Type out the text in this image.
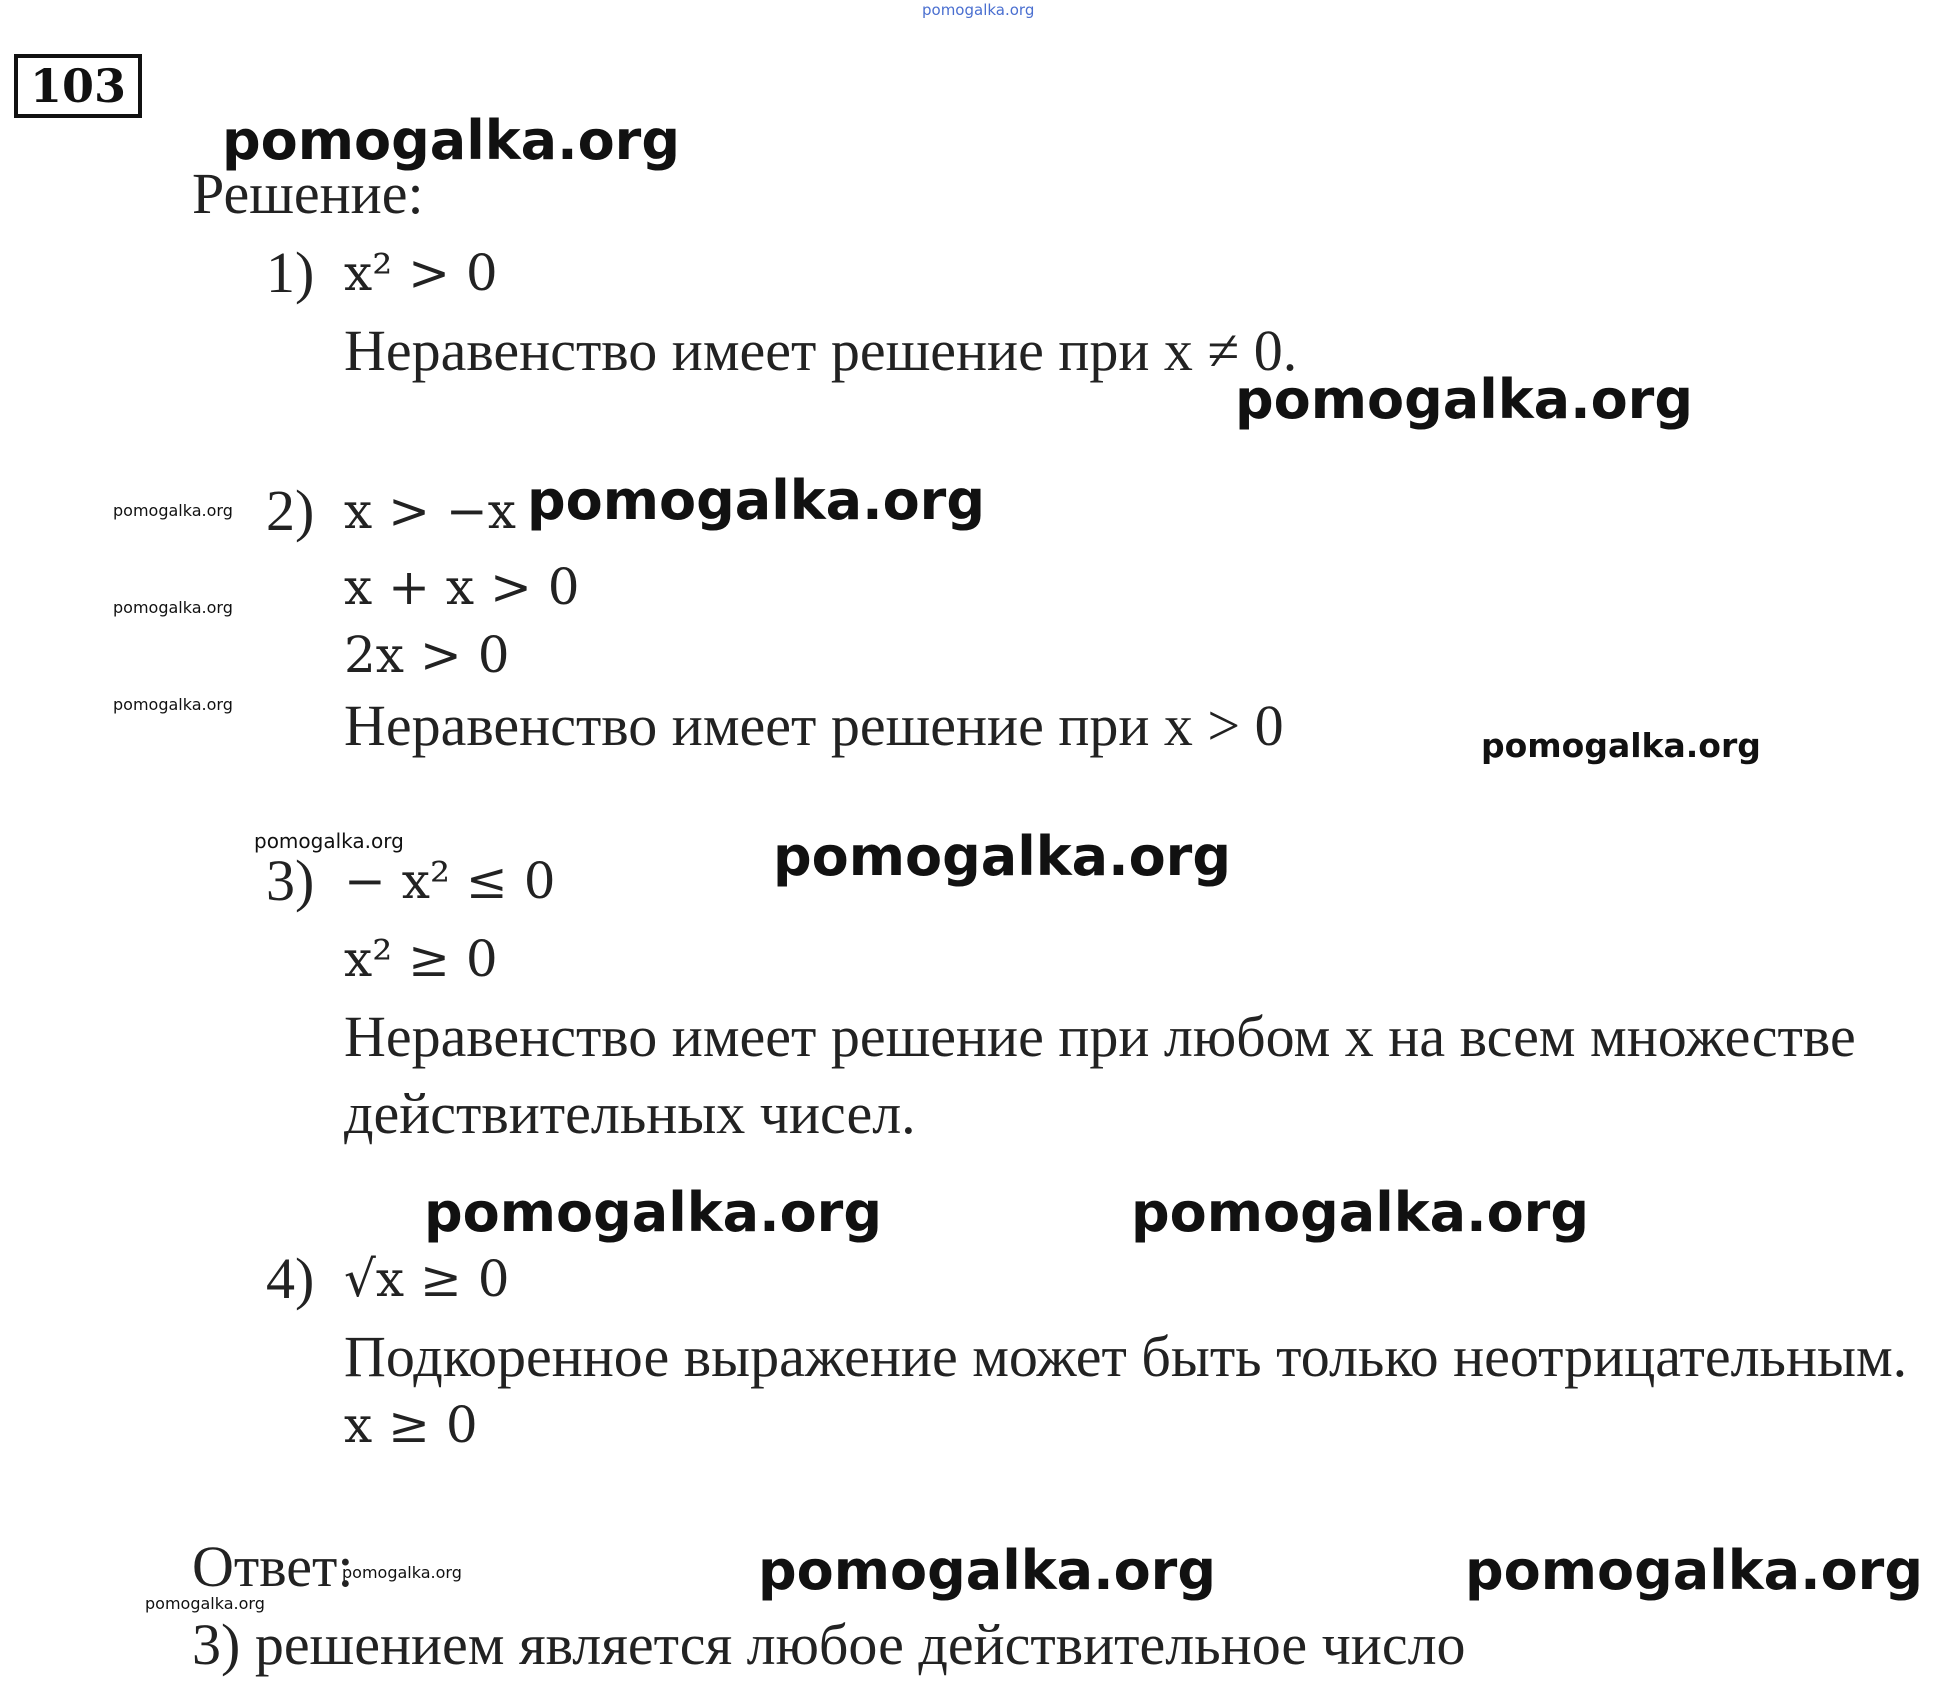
pomogalka.org
103
pomogalka.org
pomogalka.org
pomogalka.org
pomogalka.org
pomogalka.org	pomogalka.org
pomogalka.org	pomogalka.org
pomogalka.org
pomogalka.org
pomogalka.org
pomogalka.org
pomogalka.org
pomogalka.org
pomogalka.org
Решение:
1) x² > 0
Неравенство имеет решение при x ≠ 0.
2) x > −x
x + x > 0
2x > 0
Неравенство имеет решение при x > 0
3) − x² ≤ 0
x² ≥ 0
Неравенство имеет решение при любом x на всем множестве
действительных чисел.
4) √x ≥ 0
Подкоренное выражение может быть только неотрицательным.
x ≥ 0
Ответ:
3) решением является любое действительное число
